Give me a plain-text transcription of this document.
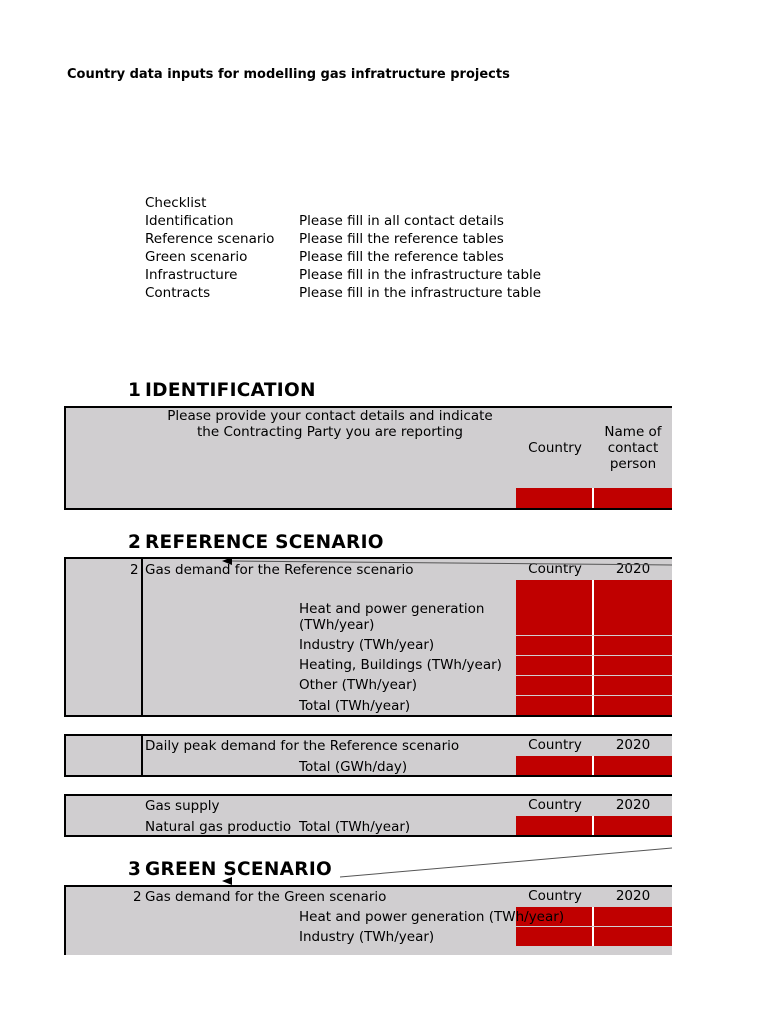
Country data inputs for modelling gas infratructure projects
Checklist
Identification	Please fill in all contact details
Reference scenario Please fill the reference tables
Green scenario	Please fill the reference tables
Infrastructure	Please fill in the infrastructure table
Contracts	Please fill in the infrastructure table
1 IDENTIFICATION
Please provide your contact details and indicate
the Contracting Party you are reporting
Country
Name of
contact
person
2 REFERENCE SCENARIO
2 Gas demand for the Reference scenario	Country	2020
Heat and power generation
(TWh/year)
Industry (TWh/year)
Heating, Buildings (TWh/year)
Other (TWh/year)
Total (TWh/year)
Daily peak demand for the Reference scenario	Country	2020
Total (GWh/day)
Gas supply	Country	2020
Natural gas productio Total (TWh/year)
3 GREEN SCENARIO
2 Gas demand for the Green scenario	Country	2020
Heat and power generation (TWh/year)
Industry (TWh/year)
